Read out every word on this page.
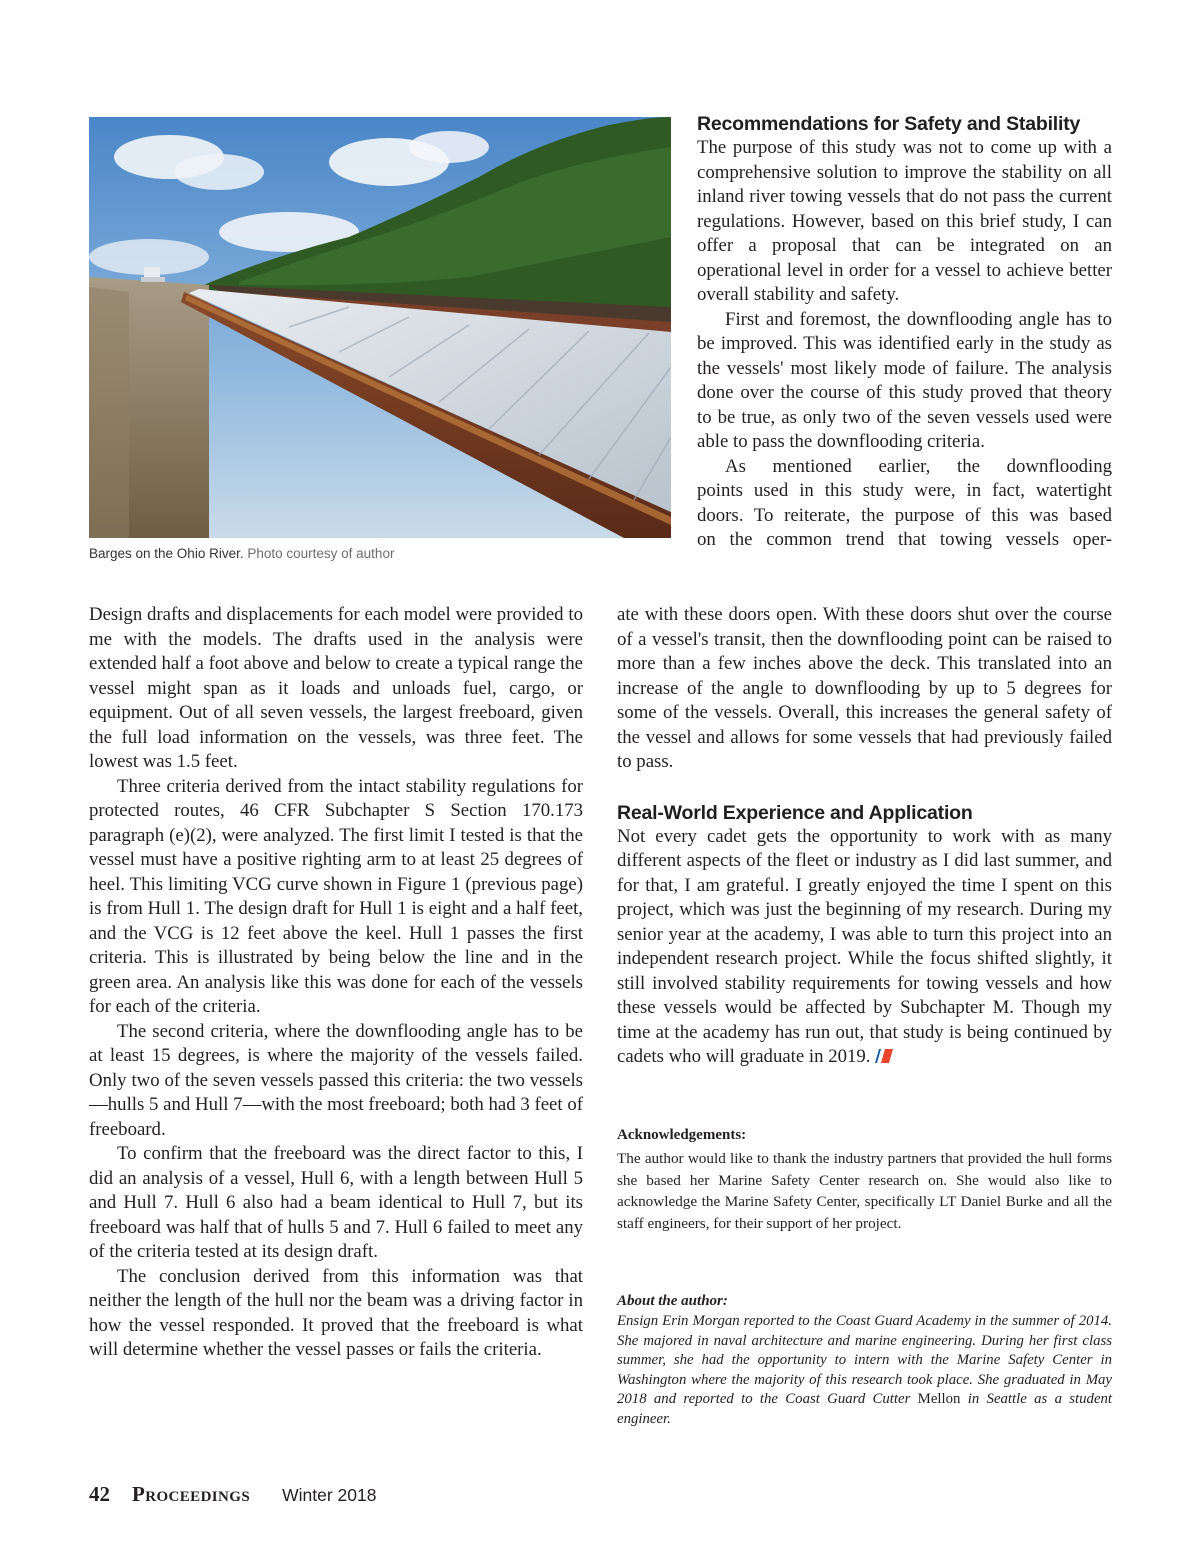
Barges on the Ohio River. Photo courtesy of author
Recommendations for Safety and Stability

The purpose of this study was not to come up with a comprehensive solution to improve the stability on all inland river towing vessels that do not pass the current regulations. However, based on this brief study, I can offer a proposal that can be integrated on an operational level in order for a vessel to achieve better overall stability and safety.

First and foremost, the downflooding angle has to be improved. This was identified early in the study as the vessels' most likely mode of failure. The analysis done over the course of this study proved that theory to be true, as only two of the seven vessels used were able to pass the downflooding criteria.

As mentioned earlier, the downflooding
points used in this study were, in fact, watertight
doors. To reiterate, the purpose of this was based
on the common trend that towing vessels oper-

Design drafts and displacements for each model were provided to me with the models. The drafts used in the analysis were extended half a foot above and below to create a typical range the vessel might span as it loads and unloads fuel, cargo, or equipment. Out of all seven vessels, the largest freeboard, given the full load information on the vessels, was three feet. The lowest was 1.5 feet.

Three criteria derived from the intact stability regulations for protected routes, 46 CFR Subchapter S Section 170.173 paragraph (e)(2), were analyzed. The first limit I tested is that the vessel must have a positive righting arm to at least 25 degrees of heel. This limiting VCG curve shown in Figure 1 (previous page) is from Hull 1. The design draft for Hull 1 is eight and a half feet, and the VCG is 12 feet above the keel. Hull 1 passes the first criteria. This is illustrated by being below the line and in the green area. An analysis like this was done for each of the vessels for each of the criteria.

The second criteria, where the downflooding angle has to be at least 15 degrees, is where the majority of the vessels failed. Only two of the seven vessels passed this criteria: the two vessels—hulls 5 and Hull 7—with the most freeboard; both had 3 feet of freeboard.

To confirm that the freeboard was the direct factor to this, I did an analysis of a vessel, Hull 6, with a length between Hull 5 and Hull 7. Hull 6 also had a beam identical to Hull 7, but its freeboard was half that of hulls 5 and 7. Hull 6 failed to meet any of the criteria tested at its design draft.

The conclusion derived from this information was that neither the length of the hull nor the beam was a driving factor in how the vessel responded. It proved that the freeboard is what will determine whether the vessel passes or fails the criteria.

ate with these doors open. With these doors shut over the course of a vessel's transit, then the downflooding point can be raised to more than a few inches above the deck. This translated into an increase of the angle to downflooding by up to 5 degrees for some of the vessels. Overall, this increases the general safety of the vessel and allows for some vessels that had previously failed to pass.

Real-World Experience and Application

Not every cadet gets the opportunity to work with as many different aspects of the fleet or industry as I did last summer, and for that, I am grateful. I greatly enjoyed the time I spent on this project, which was just the beginning of my research. During my senior year at the academy, I was able to turn this project into an independent research project. While the focus shifted slightly, it still involved stability requirements for towing vessels and how these vessels would be affected by Subchapter M. Though my time at the academy has run out, that study is being continued by cadets who will graduate in 2019.

Acknowledgements:

The author would like to thank the industry partners that provided the hull forms she based her Marine Safety Center research on. She would also like to acknowledge the Marine Safety Center, specifically LT Daniel Burke and all the staff engineers, for their support of her project.

About the author:

Ensign Erin Morgan reported to the Coast Guard Academy in the summer of 2014. She majored in naval architecture and marine engineering. During her first class summer, she had the opportunity to intern with the Marine Safety Center in Washington where the majority of this research took place. She graduated in May 2018 and reported to the Coast Guard Cutter Mellon in Seattle as a student engineer.

42 Proceedings Winter 2018
